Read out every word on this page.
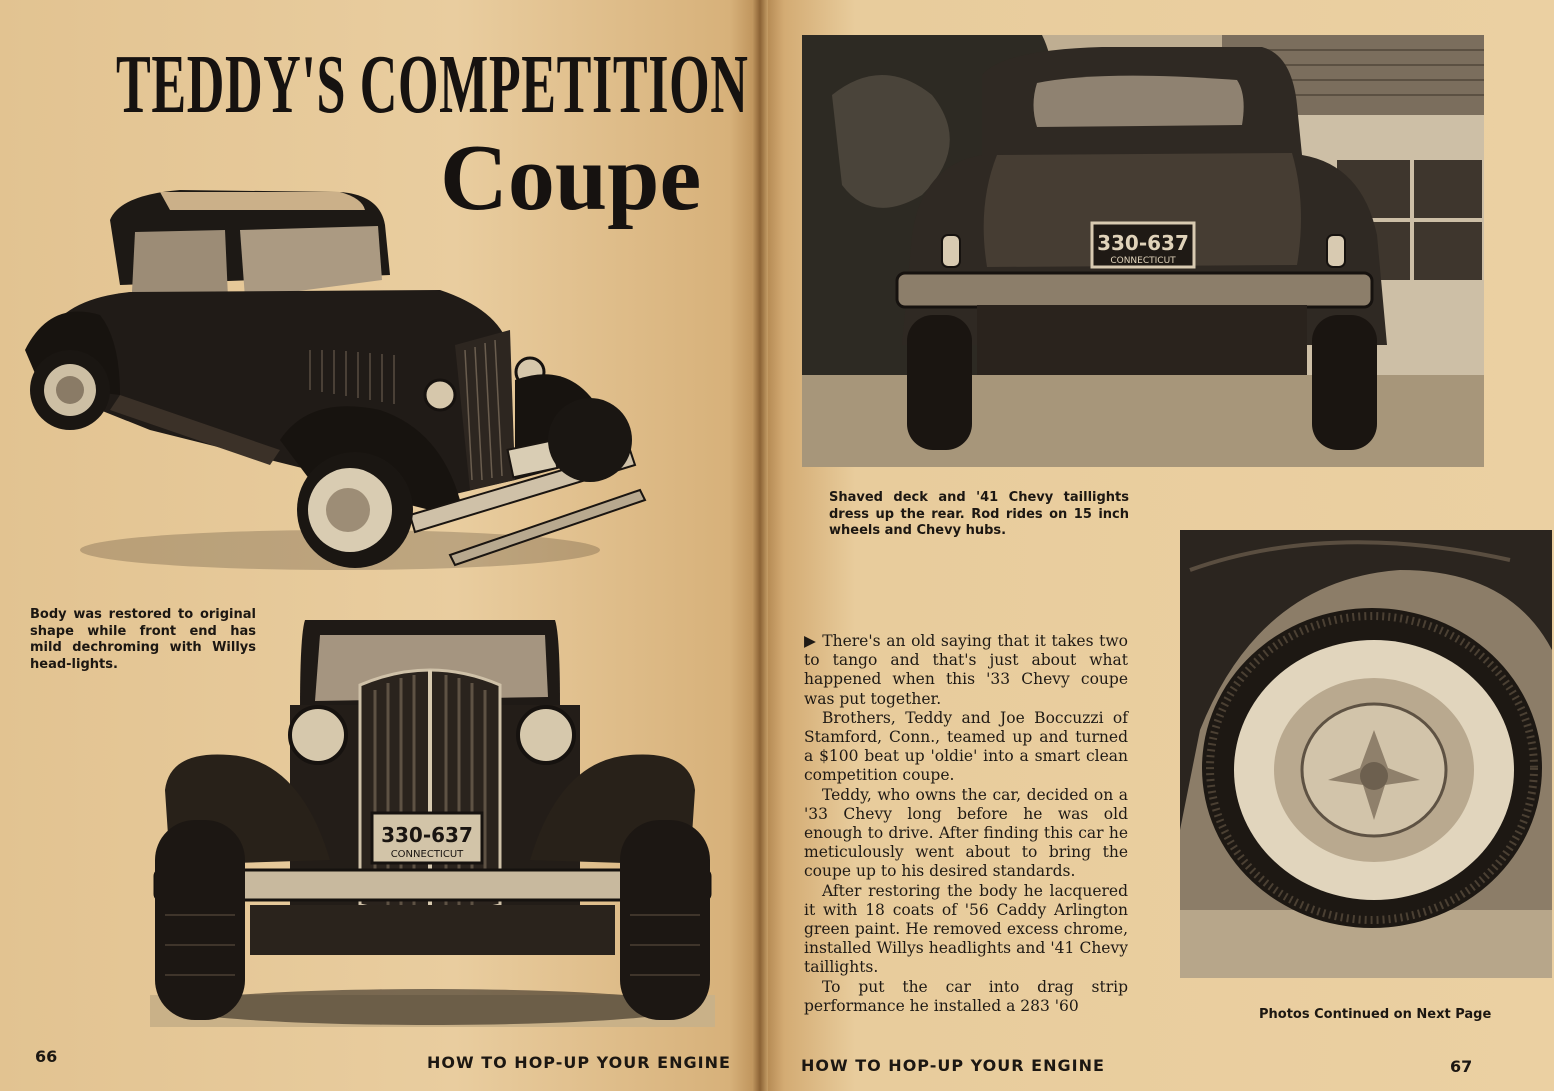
TEDDY'S COMPETITION
Coupe
Body was restored to original shape while front end has mild dechroming with Willys head-lights.
330-637
CONNECTICUT
66	HOW TO HOP-UP YOUR ENGINE
330-637
CONNECTICUT
Shaved deck and '41 Chevy taillights dress up the rear. Rod rides on 15 inch wheels and Chevy hubs.

▶ There's an old saying that it takes two to tango and that's just about what happened when this '33 Chevy coupe was put together.

Brothers, Teddy and Joe Boccuzzi of Stamford, Conn., teamed up and turned a $100 beat up 'oldie' into a smart clean competition coupe.

Teddy, who owns the car, decided on a '33 Chevy long before he was old enough to drive. After finding this car he meticulously went about to bring the coupe up to his desired standards.

After restoring the body he lacquered it with 18 coats of '56 Caddy Arlington green paint. He removed excess chrome, installed Willys headlights and '41 Chevy taillights.

To put the car into drag strip performance he installed a 283 '60	Photos Continued on Next Page
HOW TO HOP-UP YOUR ENGINE	67
